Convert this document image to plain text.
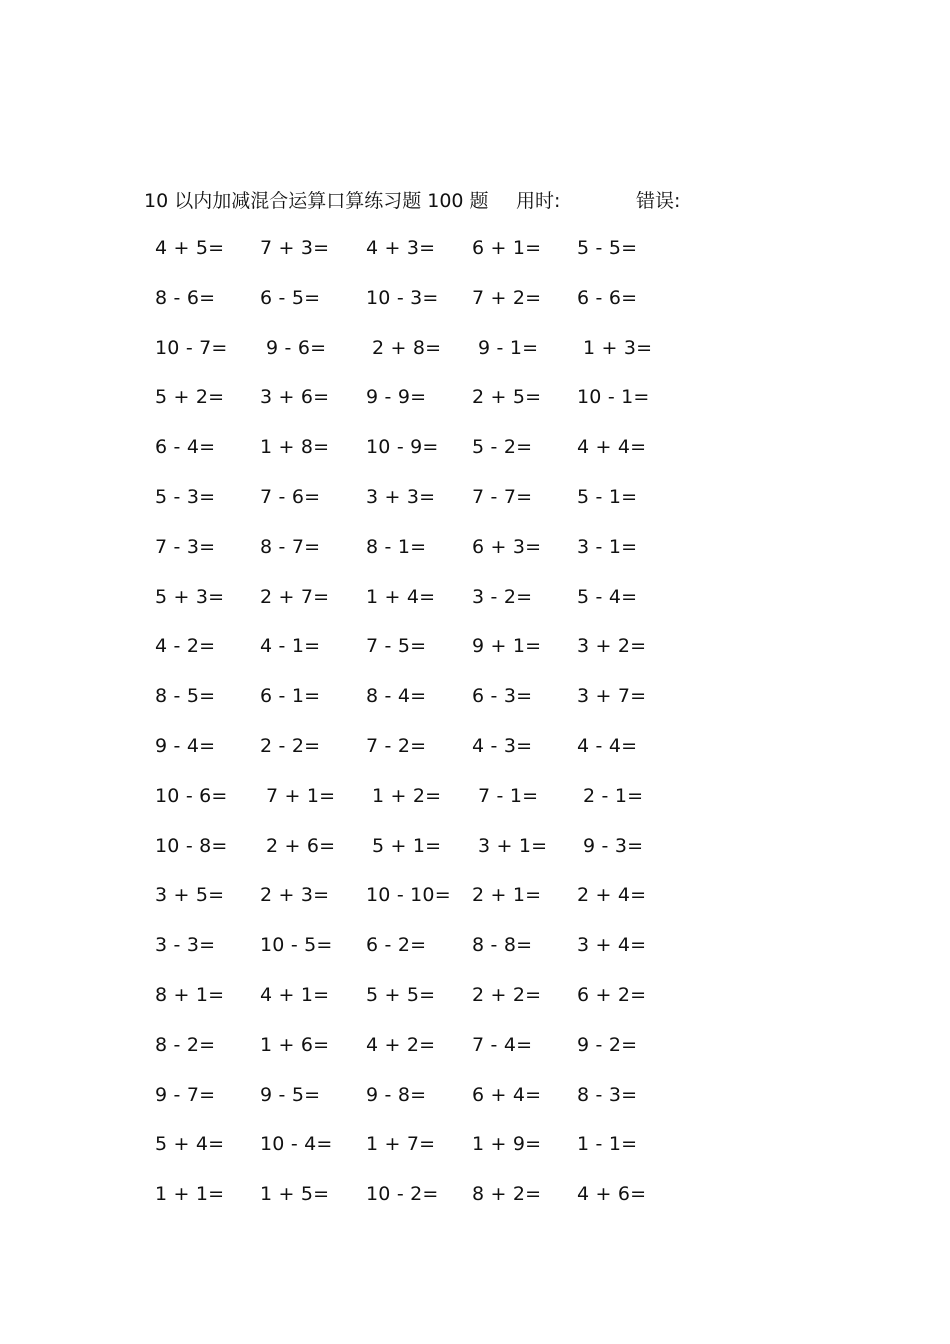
10 以内加减混合运算口算练习题 100 题 用时:	错误:
4 + 5= 7 + 3= 4 + 3= 6 + 1= 5 - 5=
8 - 6= 6 - 5= 10 - 3= 7 + 2= 6 - 6=
10 - 7= 9 - 6= 2 + 8= 9 - 1= 1 + 3=
5 + 2= 3 + 6= 9 - 9= 2 + 5= 10 - 1=
6 - 4= 1 + 8= 10 - 9= 5 - 2= 4 + 4=
5 - 3= 7 - 6= 3 + 3= 7 - 7= 5 - 1=
7 - 3= 8 - 7= 8 - 1= 6 + 3= 3 - 1=
5 + 3= 2 + 7= 1 + 4= 3 - 2= 5 - 4=
4 - 2= 4 - 1= 7 - 5= 9 + 1= 3 + 2=
8 - 5= 6 - 1= 8 - 4= 6 - 3= 3 + 7=
9 - 4= 2 - 2= 7 - 2= 4 - 3= 4 - 4=
10 - 6= 7 + 1= 1 + 2= 7 - 1= 2 - 1=
10 - 8= 2 + 6= 5 + 1= 3 + 1= 9 - 3=
3 + 5= 2 + 3= 10 - 10= 2 + 1= 2 + 4=
3 - 3= 10 - 5= 6 - 2= 8 - 8= 3 + 4=
8 + 1= 4 + 1= 5 + 5= 2 + 2= 6 + 2=
8 - 2= 1 + 6= 4 + 2= 7 - 4= 9 - 2=
9 - 7= 9 - 5= 9 - 8= 6 + 4= 8 - 3=
5 + 4= 10 - 4= 1 + 7= 1 + 9= 1 - 1=
1 + 1= 1 + 5= 10 - 2= 8 + 2= 4 + 6=
